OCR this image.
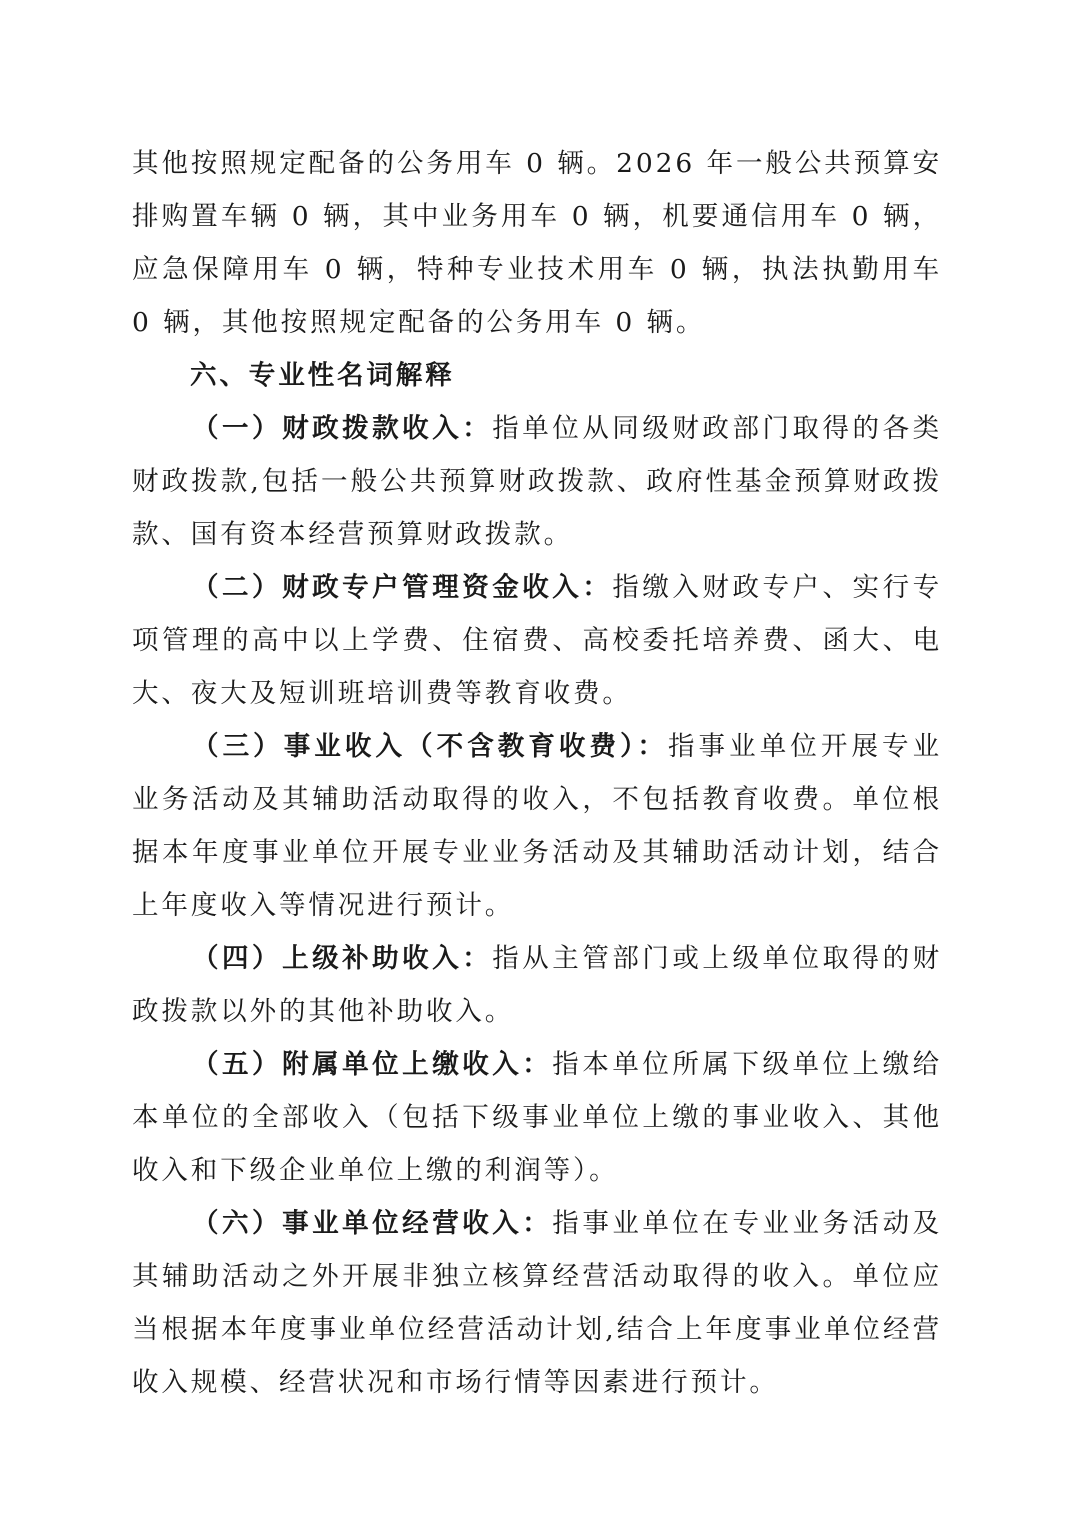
其他按照规定配备的公务用车 0 辆。2026 年一般公共预算安排购置车辆 0 辆，其中业务用车 0 辆，机要通信用车 0 辆，应急保障用车 0 辆，特种专业技术用车 0 辆，执法执勤用车 0 辆，其他按照规定配备的公务用车 0 辆。

六、专业性名词解释

（一）财政拨款收入：指单位从同级财政部门取得的各类财政拨款,包括一般公共预算财政拨款、政府性基金预算财政拨款、国有资本经营预算财政拨款。

（二）财政专户管理资金收入：指缴入财政专户、实行专项管理的高中以上学费、住宿费、高校委托培养费、函大、电大、夜大及短训班培训费等教育收费。

（三）事业收入（不含教育收费）：指事业单位开展专业业务活动及其辅助活动取得的收入，不包括教育收费。单位根据本年度事业单位开展专业业务活动及其辅助活动计划，结合上年度收入等情况进行预计。

（四）上级补助收入：指从主管部门或上级单位取得的财政拨款以外的其他补助收入。

（五）附属单位上缴收入：指本单位所属下级单位上缴给本单位的全部收入（包括下级事业单位上缴的事业收入、其他收入和下级企业单位上缴的利润等）。

（六）事业单位经营收入：指事业单位在专业业务活动及其辅助活动之外开展非独立核算经营活动取得的收入。单位应当根据本年度事业单位经营活动计划,结合上年度事业单位经营收入规模、经营状况和市场行情等因素进行预计。
